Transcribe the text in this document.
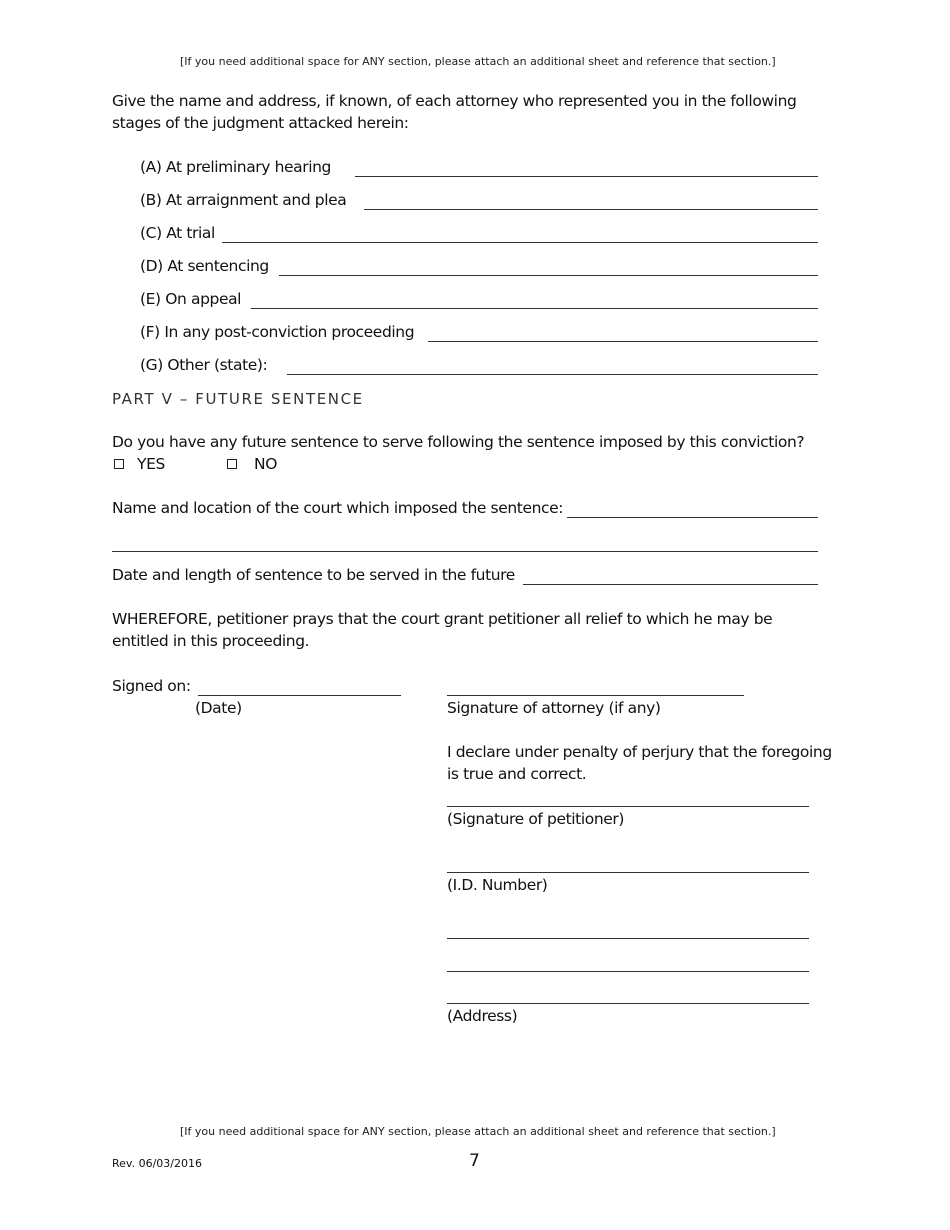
[If you need additional space for ANY section, please attach an additional sheet and reference that section.]
Give the name and address, if known, of each attorney who represented you in the following
stages of the judgment attacked herein:
(A) At preliminary hearing
(B) At arraignment and plea
(C) At trial
(D) At sentencing
(E) On appeal
(F) In any post-conviction proceeding
(G) Other (state):
PART V – FUTURE SENTENCE
Do you have any future sentence to serve following the sentence imposed by this conviction?
YES	NO
Name and location of the court which imposed the sentence:
Date and length of sentence to be served in the future
WHEREFORE, petitioner prays that the court grant petitioner all relief to which he may be
entitled in this proceeding.
Signed on:
(Date)	Signature of attorney (if any)
I declare under penalty of perjury that the foregoing
is true and correct.
(Signature of petitioner)
(I.D. Number)
(Address)
[If you need additional space for ANY section, please attach an additional sheet and reference that section.]
Rev. 06/03/2016	7
